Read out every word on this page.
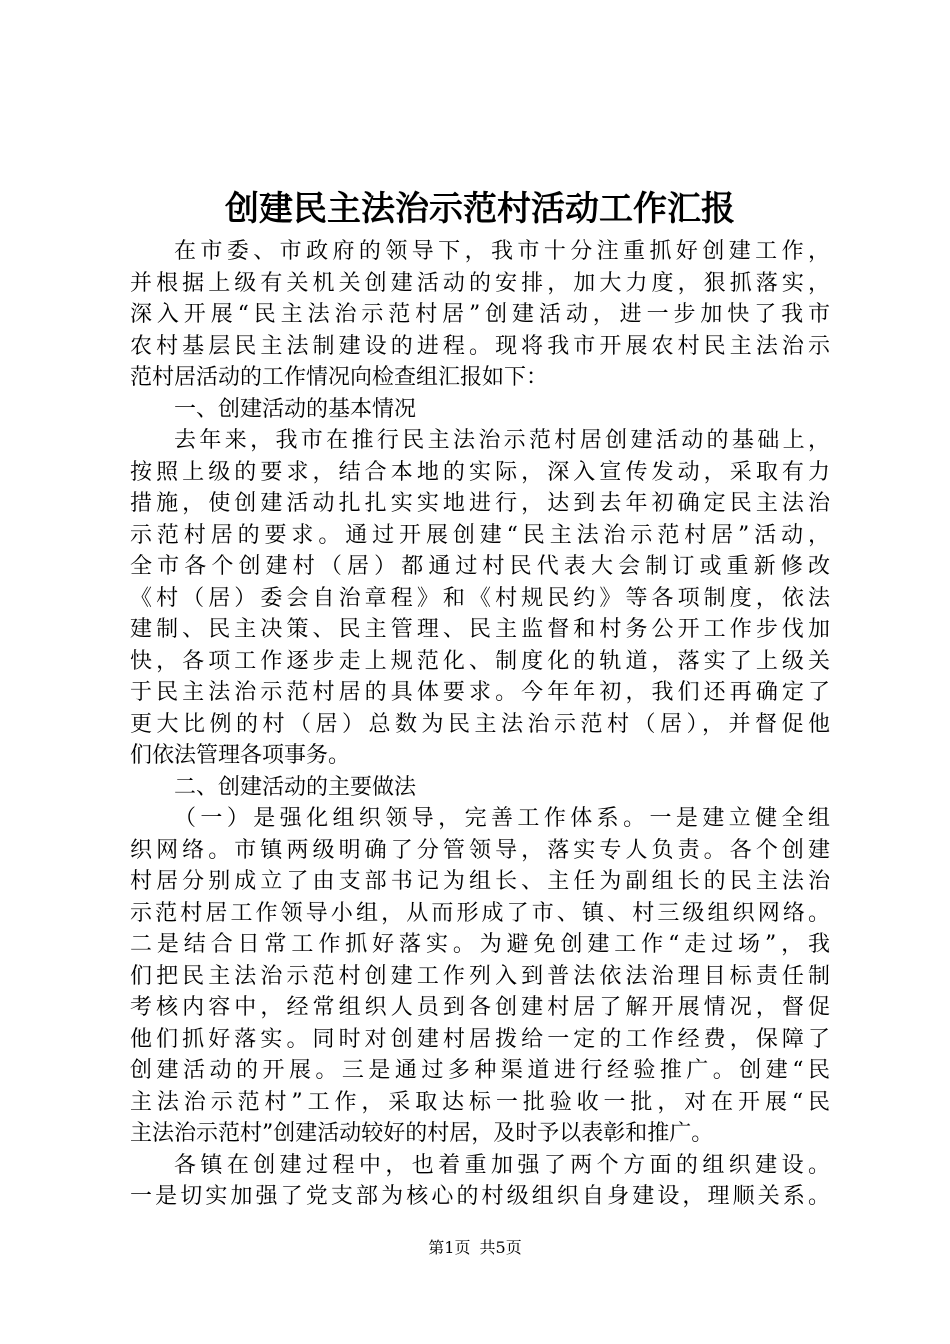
创建民主法治示范村活动工作汇报
在市委、市政府的领导下，我市十分注重抓好创建工作，
并根据上级有关机关创建活动的安排，加大力度，狠抓落实，
深入开展“民主法治示范村居”创建活动，进一步加快了我市
农村基层民主法制建设的进程。现将我市开展农村民主法治示
范村居活动的工作情况向检查组汇报如下：
一、创建活动的基本情况
去年来，我市在推行民主法治示范村居创建活动的基础上，
按照上级的要求，结合本地的实际，深入宣传发动，采取有力
措施，使创建活动扎扎实实地进行，达到去年初确定民主法治
示范村居的要求。通过开展创建“民主法治示范村居”活动，
全市各个创建村（居）都通过村民代表大会制订或重新修改
《村（居）委会自治章程》和《村规民约》等各项制度，依法
建制、民主决策、民主管理、民主监督和村务公开工作步伐加
快，各项工作逐步走上规范化、制度化的轨道，落实了上级关
于民主法治示范村居的具体要求。今年年初，我们还再确定了
更大比例的村（居）总数为民主法治示范村（居），并督促他
们依法管理各项事务。
二、创建活动的主要做法
（一）是强化组织领导，完善工作体系。一是建立健全组
织网络。市镇两级明确了分管领导，落实专人负责。各个创建
村居分别成立了由支部书记为组长、主任为副组长的民主法治
示范村居工作领导小组，从而形成了市、镇、村三级组织网络。
二是结合日常工作抓好落实。为避免创建工作“走过场”，我
们把民主法治示范村创建工作列入到普法依法治理目标责任制
考核内容中，经常组织人员到各创建村居了解开展情况，督促
他们抓好落实。同时对创建村居拨给一定的工作经费，保障了
创建活动的开展。三是通过多种渠道进行经验推广。创建“民
主法治示范村”工作，采取达标一批验收一批，对在开展“民
主法治示范村”创建活动较好的村居，及时予以表彰和推广。
各镇在创建过程中，也着重加强了两个方面的组织建设。
一是切实加强了党支部为核心的村级组织自身建设，理顺关系。
第1页 共5页
